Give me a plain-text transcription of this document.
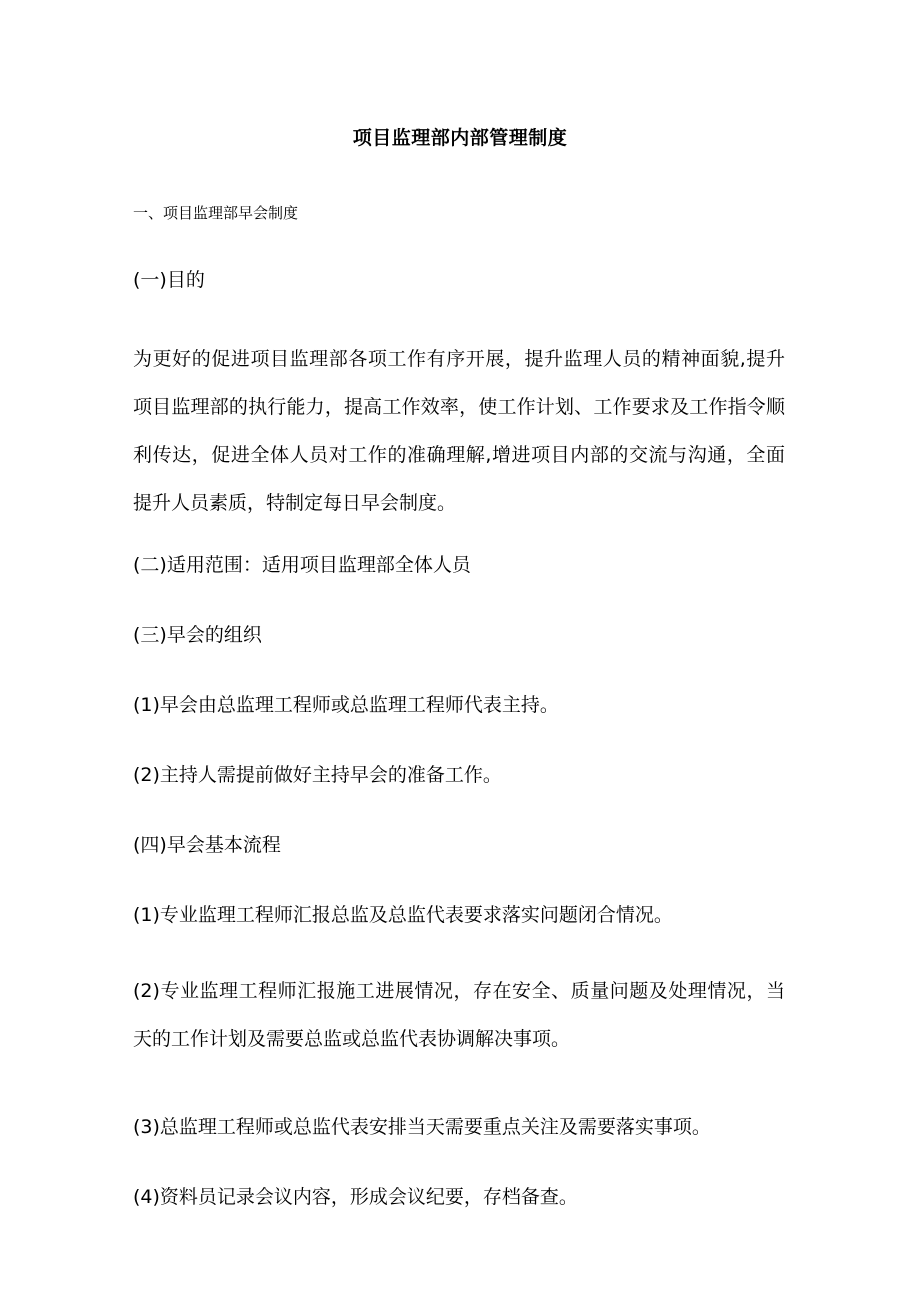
项目监理部内部管理制度
一、项目监理部早会制度
(一)目的
为更好的促进项目监理部各项工作有序开展，提升监理人员的精神面貌,提升项目监理部的执行能力，提高工作效率，使工作计划、工作要求及工作指令顺利传达，促进全体人员对工作的准确理解,增进项目内部的交流与沟通，全面提升人员素质，特制定每日早会制度。
(二)适用范围：适用项目监理部全体人员
(三)早会的组织
(1)早会由总监理工程师或总监理工程师代表主持。
(2)主持人需提前做好主持早会的准备工作。
(四)早会基本流程
(1)专业监理工程师汇报总监及总监代表要求落实问题闭合情况。
(2)专业监理工程师汇报施工进展情况，存在安全、质量问题及处理情况，当天的工作计划及需要总监或总监代表协调解决事项。
(3)总监理工程师或总监代表安排当天需要重点关注及需要落实事项。
(4)资料员记录会议内容，形成会议纪要，存档备查。
